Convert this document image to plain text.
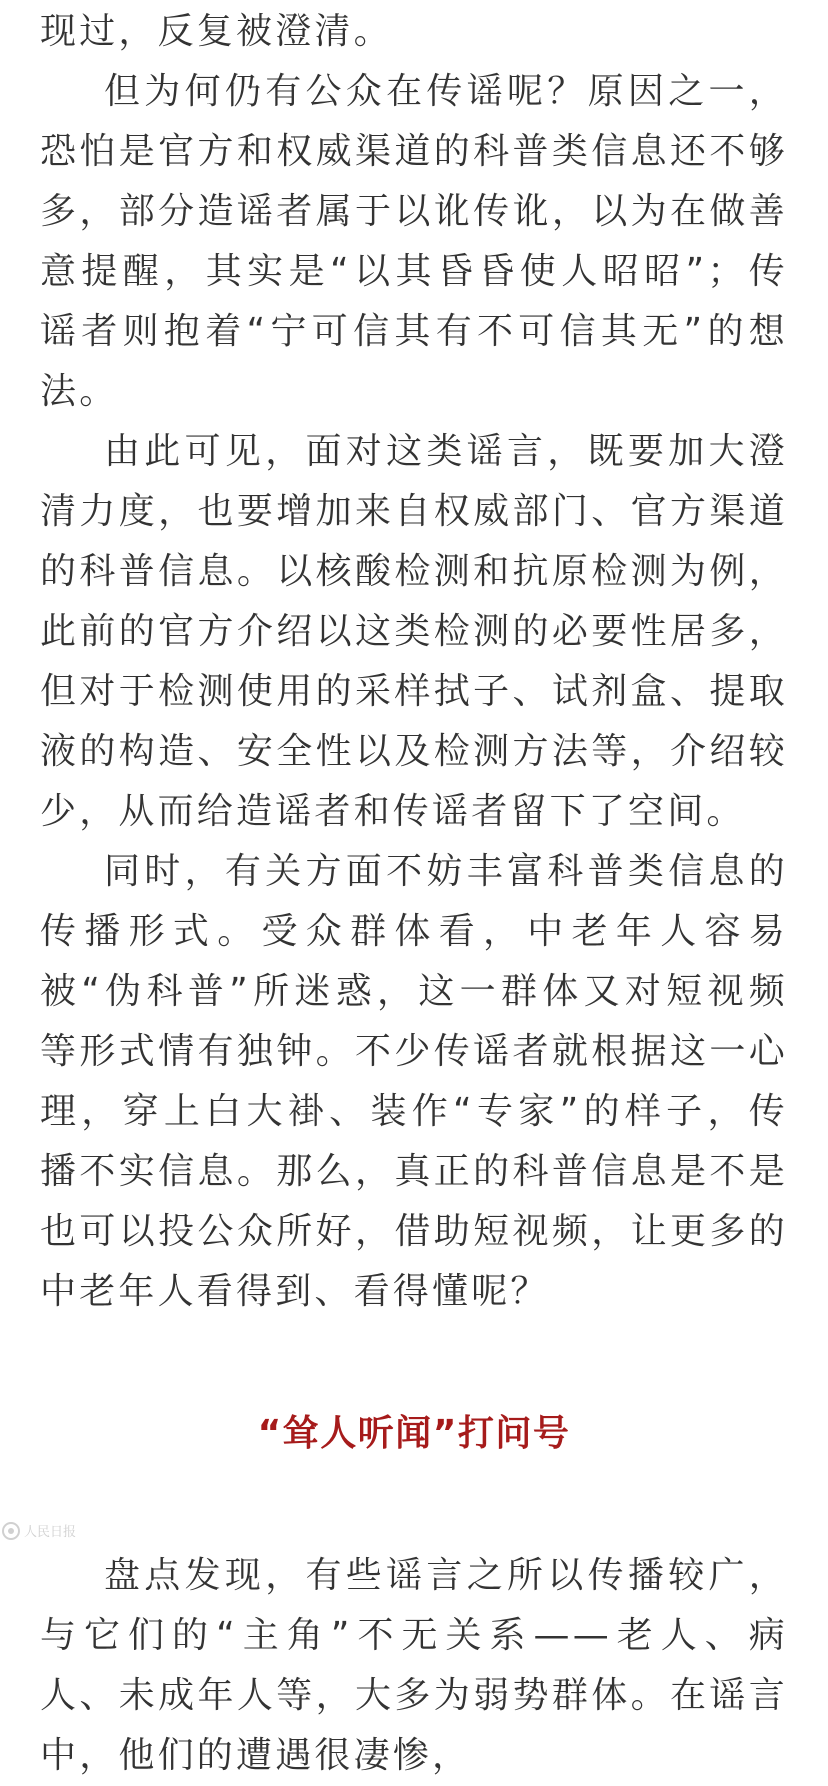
现过，反复被澄清。

但为何仍有公众在传谣呢？原因之一，恐怕是官方和权威渠道的科普类信息还不够多，部分造谣者属于以讹传讹，以为在做善意提醒，其实是“以其昏昏使人昭昭”；传谣者则抱着“宁可信其有不可信其无”的想法。

由此可见，面对这类谣言，既要加大澄清力度，也要增加来自权威部门、官方渠道的科普信息。以核酸检测和抗原检测为例，此前的官方介绍以这类检测的必要性居多，但对于检测使用的采样拭子、试剂盒、提取液的构造、安全性以及检测方法等，介绍较少，从而给造谣者和传谣者留下了空间。

同时，有关方面不妨丰富科普类信息的传播形式。受众群体看，中老年人容易被“伪科普”所迷惑，这一群体又对短视频等形式情有独钟。不少传谣者就根据这一心理，穿上白大褂、装作“专家”的样子，传播不实信息。那么，真正的科普信息是不是也可以投公众所好，借助短视频，让更多的中老年人看得到、看得懂呢？

“耸人听闻”打问号

盘点发现，有些谣言之所以传播较广，与它们的“主角”不无关系——老人、病人、未成年人等，大多为弱势群体。在谣言中，他们的遭遇很凄惨，

人民日报
